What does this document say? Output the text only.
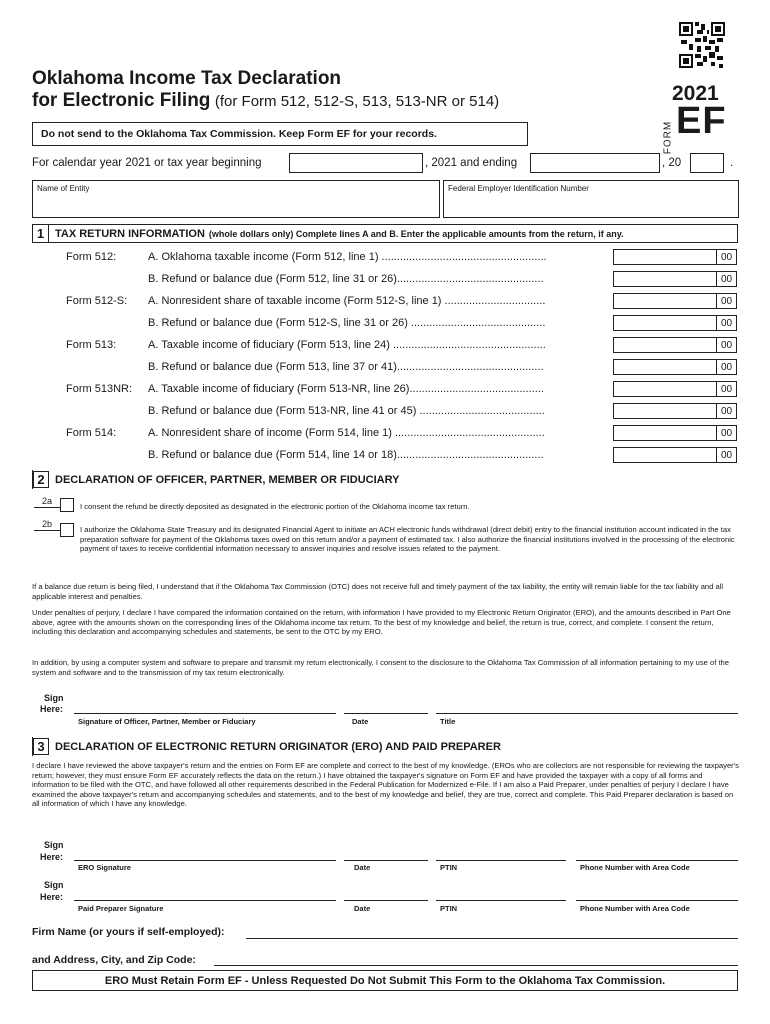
Oklahoma Income Tax Declaration
for Electronic Filing (for Form 512, 512-S, 513, 513-NR or 514)	2021
FORM EF
Do not send to the Oklahoma Tax Commission. Keep Form EF for your records.
For calendar year 2021 or tax year beginning	, 2021 and ending	, 20	.
Name of Entity	Federal Employer Identification Number
1 TAX RETURN INFORMATION (whole dollars only) Complete lines A and B. Enter the applicable amounts from the return, if any.
Form 512:	A. Oklahoma taxable income (Form 512, line 1) ......................................................	00
B. Refund or balance due (Form 512, line 31 or 26)................................................	00
Form 512-S: A. Nonresident share of taxable income (Form 512-S, line 1) .................................	00
B. Refund or balance due (Form 512-S, line 31 or 26) ............................................	00
Form 513:	A. Taxable income of fiduciary (Form 513, line 24) ..................................................	00
B. Refund or balance due (Form 513, line 37 or 41)................................................	00
Form 513NR: A. Taxable income of fiduciary (Form 513-NR, line 26)............................................	00
B. Refund or balance due (Form 513-NR, line 41 or 45) .........................................	00
Form 514:	A. Nonresident share of income (Form 514, line 1) .................................................	00
B. Refund or balance due (Form 514, line 14 or 18)................................................	00
2 DECLARATION OF OFFICER, PARTNER, MEMBER OR FIDUCIARY
2a
I consent the refund be directly deposited as designated in the electronic portion of the Oklahoma income tax return.
2b
I authorize the Oklahoma State Treasury and its designated Financial Agent to initiate an ACH electronic funds withdrawal (direct debit) entry to the financial institution account indicated in the tax preparation software for payment of the Oklahoma taxes owed on this return and/or a payment of estimated tax. I also authorize the financial institutions involved in the processing of the electronic payment of taxes to receive confidential information necessary to answer inquiries and resolve issues related to the payment.
If a balance due return is being filed, I understand that if the Oklahoma Tax Commission (OTC) does not receive full and timely payment of the tax liability, the entity will remain liable for the tax liability and all applicable interest and penalties.
Under penalties of perjury, I declare I have compared the information contained on the return, with information I have provided to my Electronic Return Originator (ERO), and the amounts described in Part One above, agree with the amounts shown on the corresponding lines of the Oklahoma income tax return. To the best of my knowledge and belief, the return is true, correct, and complete. I consent the return, including this declaration and accompanying schedules and statements, be sent to the OTC by my ERO.
In addition, by using a computer system and software to prepare and transmit my return electronically, I consent to the disclosure to the Oklahoma Tax Commission of all information pertaining to my use of the system and software and to the transmission of my tax return electronically.
Sign
Here:
Signature of Officer, Partner, Member or Fiduciary	Date	Title
3 DECLARATION OF ELECTRONIC RETURN ORIGINATOR (ERO) AND PAID PREPARER
I declare I have reviewed the above taxpayer's return and the entries on Form EF are complete and correct to the best of my knowledge. (EROs who are collectors are not responsible for reviewing the taxpayer's return; however, they must ensure Form EF accurately reflects the data on the return.) I have obtained the taxpayer's signature on Form EF and have provided the taxpayer with a copy of all forms and information to be filed with the OTC, and have followed all other requirements described in the Federal Publication for Modernized e-File. If I am also a Paid Preparer, under penalties of perjury I declare I have examined the above taxpayer's return and accompanying schedules and statements, and to the best of my knowledge and belief, they are true, correct and complete. This Paid Preparer declaration is based on all information of which I have any knowledge.
Sign
Here:
ERO Signature	Date	PTIN	Phone Number with Area Code
Sign
Here:
Paid Preparer Signature	Date	PTIN	Phone Number with Area Code
Firm Name (or yours if self-employed):
and Address, City, and Zip Code:
ERO Must Retain Form EF - Unless Requested Do Not Submit This Form to the Oklahoma Tax Commission.
